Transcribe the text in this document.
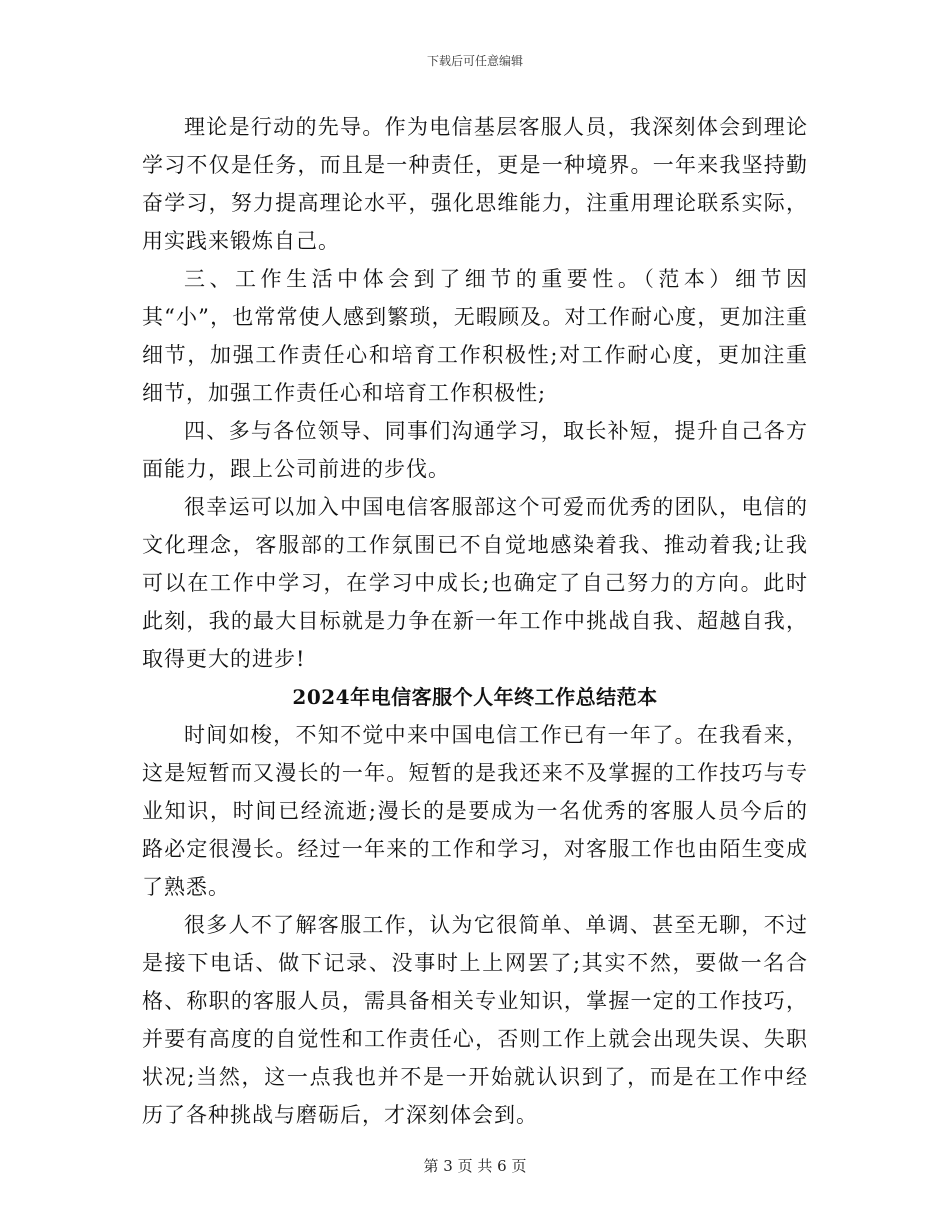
下载后可任意编辑

理论是行动的先导。作为电信基层客服人员，我深刻体会到理论学习不仅是任务，而且是一种责任，更是一种境界。一年来我坚持勤奋学习，努力提高理论水平，强化思维能力，注重用理论联系实际，用实践来锻炼自己。

三、工作生活中体会到了细节的重要性。（范本）细节因其“小”，也常常使人感到繁琐，无暇顾及。对工作耐心度，更加注重细节，加强工作责任心和培育工作积极性;对工作耐心度，更加注重细节，加强工作责任心和培育工作积极性;

四、多与各位领导、同事们沟通学习，取长补短，提升自己各方面能力，跟上公司前进的步伐。

很幸运可以加入中国电信客服部这个可爱而优秀的团队，电信的文化理念，客服部的工作氛围已不自觉地感染着我、推动着我;让我可以在工作中学习，在学习中成长;也确定了自己努力的方向。此时此刻，我的最大目标就是力争在新一年工作中挑战自我、超越自我，取得更大的进步!

2024年电信客服个人年终工作总结范本

时间如梭，不知不觉中来中国电信工作已有一年了。在我看来，这是短暂而又漫长的一年。短暂的是我还来不及掌握的工作技巧与专业知识，时间已经流逝;漫长的是要成为一名优秀的客服人员今后的路必定很漫长。经过一年来的工作和学习，对客服工作也由陌生变成了熟悉。

很多人不了解客服工作，认为它很简单、单调、甚至无聊，不过是接下电话、做下记录、没事时上上网罢了;其实不然，要做一名合格、称职的客服人员，需具备相关专业知识，掌握一定的工作技巧，并要有高度的自觉性和工作责任心，否则工作上就会出现失误、失职状况;当然，这一点我也并不是一开始就认识到了，而是在工作中经历了各种挑战与磨砺后，才深刻体会到。

第 3 页 共 6 页
